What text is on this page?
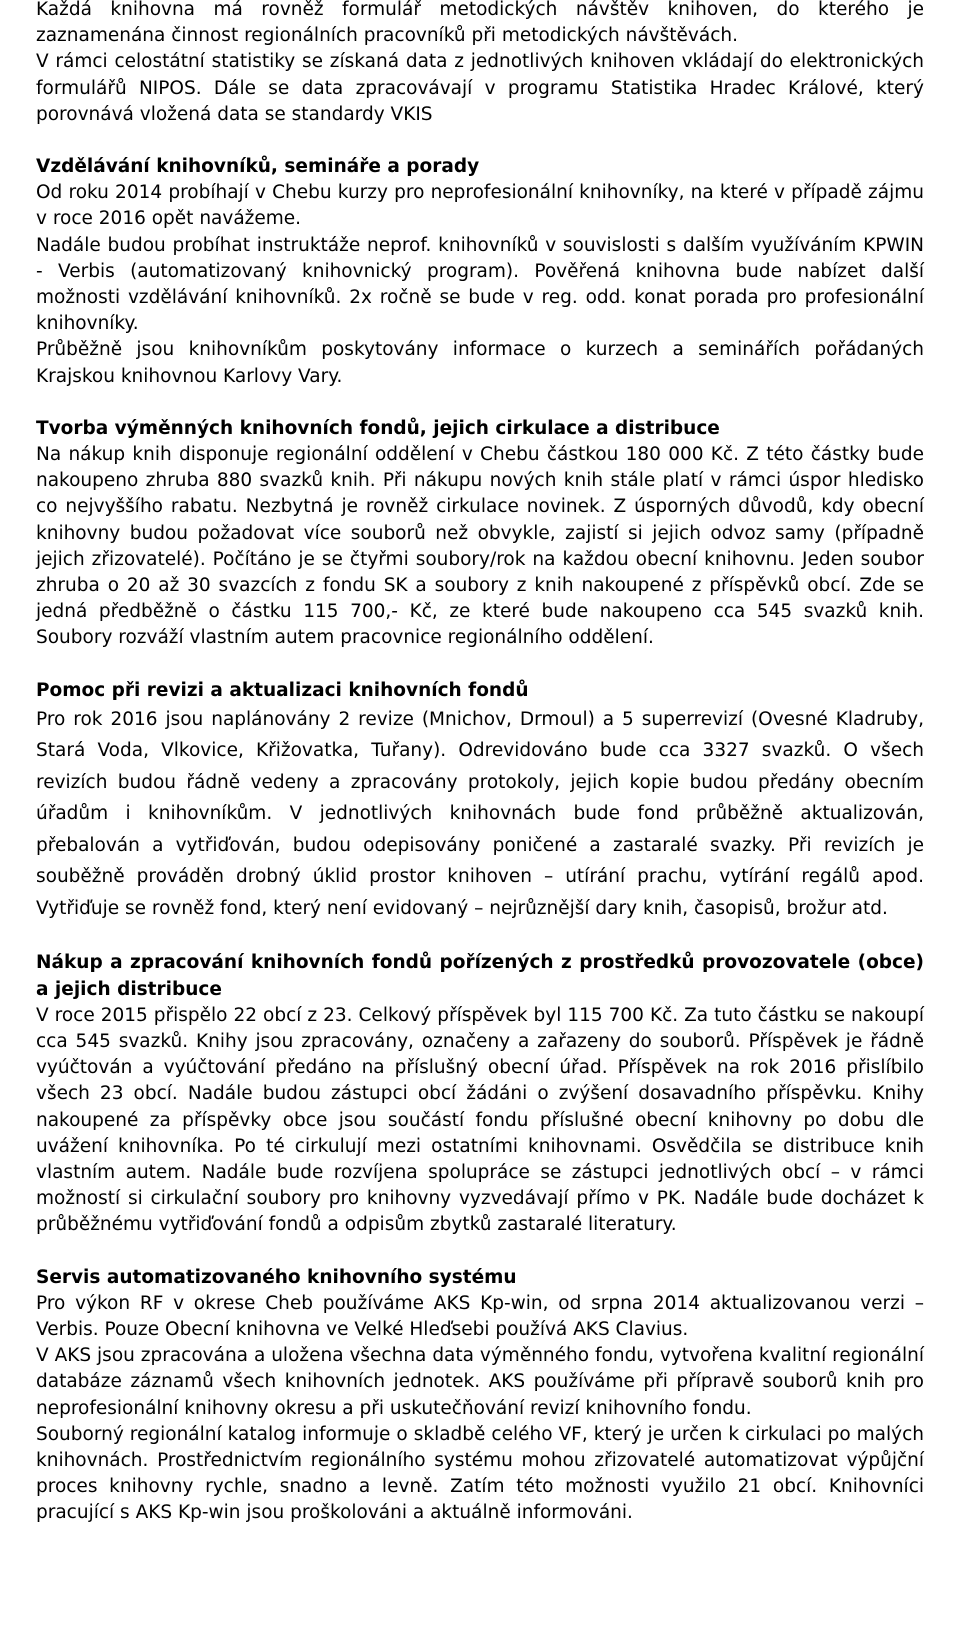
Každá knihovna má rovněž formulář metodických návštěv knihoven, do kterého je zaznamenána činnost regionálních pracovníků při metodických návštěvách.

V rámci celostátní statistiky se získaná data z jednotlivých knihoven vkládají do elektronických formulářů NIPOS. Dále se data zpracovávají v programu Statistika Hradec Králové, který porovnává vložená data se standardy VKIS

Vzdělávání knihovníků, semináře a porady

Od roku 2014 probíhají v Chebu kurzy pro neprofesionální knihovníky, na které v případě zájmu v roce 2016 opět navážeme.

Nadále budou probíhat instruktáže neprof. knihovníků v souvislosti s dalším využíváním KPWIN - Verbis (automatizovaný knihovnický program). Pověřená knihovna bude nabízet další možnosti vzdělávání knihovníků. 2x ročně se bude v reg. odd. konat porada pro profesionální knihovníky.

Průběžně jsou knihovníkům poskytovány informace o kurzech a seminářích pořádaných Krajskou knihovnou Karlovy Vary.

Tvorba výměnných knihovních fondů, jejich cirkulace a distribuce

Na nákup knih disponuje regionální oddělení v Chebu částkou 180 000 Kč. Z této částky bude nakoupeno zhruba 880 svazků knih. Při nákupu nových knih stále platí v rámci úspor hledisko co nejvyššího rabatu. Nezbytná je rovněž cirkulace novinek. Z úsporných důvodů, kdy obecní knihovny budou požadovat více souborů než obvykle, zajistí si jejich odvoz samy (případně jejich zřizovatelé). Počítáno je se čtyřmi soubory/rok na každou obecní knihovnu. Jeden soubor zhruba o 20 až 30 svazcích z fondu SK a soubory z knih nakoupené z příspěvků obcí. Zde se jedná předběžně o částku 115 700,- Kč, ze které bude nakoupeno cca 545 svazků knih. Soubory rozváží vlastním autem pracovnice regionálního oddělení.

Pomoc při revizi a aktualizaci knihovních fondů

Pro rok 2016 jsou naplánovány 2 revize (Mnichov, Drmoul) a 5 superrevizí (Ovesné Kladruby, Stará Voda, Vlkovice, Křižovatka, Tuřany). Odrevidováno bude cca 3327 svazků. O všech revizích budou řádně vedeny a zpracovány protokoly, jejich kopie budou předány obecním úřadům i knihovníkům. V jednotlivých knihovnách bude fond průběžně aktualizován, přebalován a vytřiďován, budou odepisovány poničené a zastaralé svazky. Při revizích je souběžně prováděn drobný úklid prostor knihoven – utírání prachu, vytírání regálů apod. Vytřiďuje se rovněž fond, který není evidovaný – nejrůznější dary knih, časopisů, brožur atd.

Nákup a zpracování knihovních fondů pořízených z prostředků provozovatele (obce) a jejich distribuce

V roce 2015 přispělo 22 obcí z 23. Celkový příspěvek byl 115 700 Kč. Za tuto částku se nakoupí cca 545 svazků. Knihy jsou zpracovány, označeny a zařazeny do souborů. Příspěvek je řádně vyúčtován a vyúčtování předáno na příslušný obecní úřad. Příspěvek na rok 2016 přislíbilo všech 23 obcí. Nadále budou zástupci obcí žádáni o zvýšení dosavadního příspěvku. Knihy nakoupené za příspěvky obce jsou součástí fondu příslušné obecní knihovny po dobu dle uvážení knihovníka. Po té cirkulují mezi ostatními knihovnami. Osvědčila se distribuce knih vlastním autem. Nadále bude rozvíjena spolupráce se zástupci jednotlivých obcí – v rámci možností si cirkulační soubory pro knihovny vyzvedávají přímo v PK. Nadále bude docházet k průběžnému vytřiďování fondů a odpisům zbytků zastaralé literatury.

Servis automatizovaného knihovního systému

Pro výkon RF v okrese Cheb používáme AKS Kp-win, od srpna 2014 aktualizovanou verzi – Verbis. Pouze Obecní knihovna ve Velké Hleďsebi používá AKS Clavius.

V AKS jsou zpracována a uložena všechna data výměnného fondu, vytvořena kvalitní regionální databáze záznamů všech knihovních jednotek. AKS používáme při přípravě souborů knih pro neprofesionální knihovny okresu a při uskutečňování revizí knihovního fondu.

Souborný regionální katalog informuje o skladbě celého VF, který je určen k cirkulaci po malých knihovnách. Prostřednictvím regionálního systému mohou zřizovatelé automatizovat výpůjční proces knihovny rychle, snadno a levně. Zatím této možnosti využilo 21 obcí. Knihovníci pracující s AKS Kp-win jsou proškolováni a aktuálně informováni.
